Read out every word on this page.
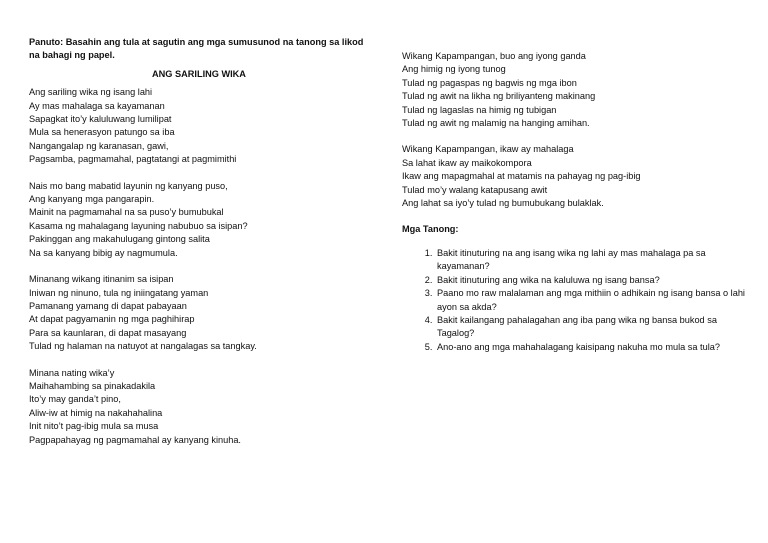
Panuto: Basahin ang tula at sagutin ang mga sumusunod na tanong sa likod na bahagi ng papel.

ANG SARILING WIKA

Ang sariling wika ng isang lahi
Ay mas mahalaga sa kayamanan
Sapagkat ito’y kaluluwang lumilipat
Mula sa henerasyon patungo sa iba
Nangangalap ng karanasan, gawi,
Pagsamba, pagmamahal, pagtatangi at pagmimithi
Nais mo bang mabatid layunin ng kanyang puso,
Ang kanyang mga pangarapin.
Mainit na pagmamahal na sa puso’y bumubukal
Kasama ng mahalagang layuning nabubuo sa isipan?
Pakinggan ang makahulugang gintong salita
Na sa kanyang bibig ay nagmumula.
Minanang wikang itinanim sa isipan
Iniwan ng ninuno, tula ng iniingatang yaman
Pamanang yamang di dapat pabayaan
At dapat pagyamanin ng mga paghihirap
Para sa kaunlaran, di dapat masayang
Tulad ng halaman na natuyot at nangalagas sa tangkay.
Minana nating wika’y
Maihahambing sa pinakadakila
Ito’y may ganda’t pino,
Aliw-iw at himig na nakahahalina
Init nito’t pag-ibig mula sa musa
Pagpapahayag ng pagmamahal ay kanyang kinuha.
Wikang Kapampangan, buo ang iyong ganda
Ang himig ng iyong tunog
Tulad ng pagaspas ng bagwis ng mga ibon
Tulad ng awit na likha ng briliyanteng makinang
Tulad ng lagaslas na himig ng tubigan
Tulad ng awit ng malamig na hanging amihan.
Wikang Kapampangan, ikaw ay mahalaga
Sa lahat ikaw ay maikokompora
Ikaw ang mapagmahal at matamis na pahayag ng pag-ibig
Tulad mo’y walang katapusang awit
Ang lahat sa iyo’y tulad ng bumubukang bulaklak.

Mga Tanong:

1. Bakit itinuturing na ang isang wika ng lahi ay mas mahalaga pa sa kayamanan?
2. Bakit itinuturing ang wika na kaluluwa ng isang bansa?
3. Paano mo raw malalaman ang mga mithiin o adhikain ng isang bansa o lahi ayon sa akda?
4. Bakit kailangang pahalagahan ang iba pang wika ng bansa bukod sa Tagalog?
5. Ano-ano ang mga mahahalagang kaisipang nakuha mo mula sa tula?
